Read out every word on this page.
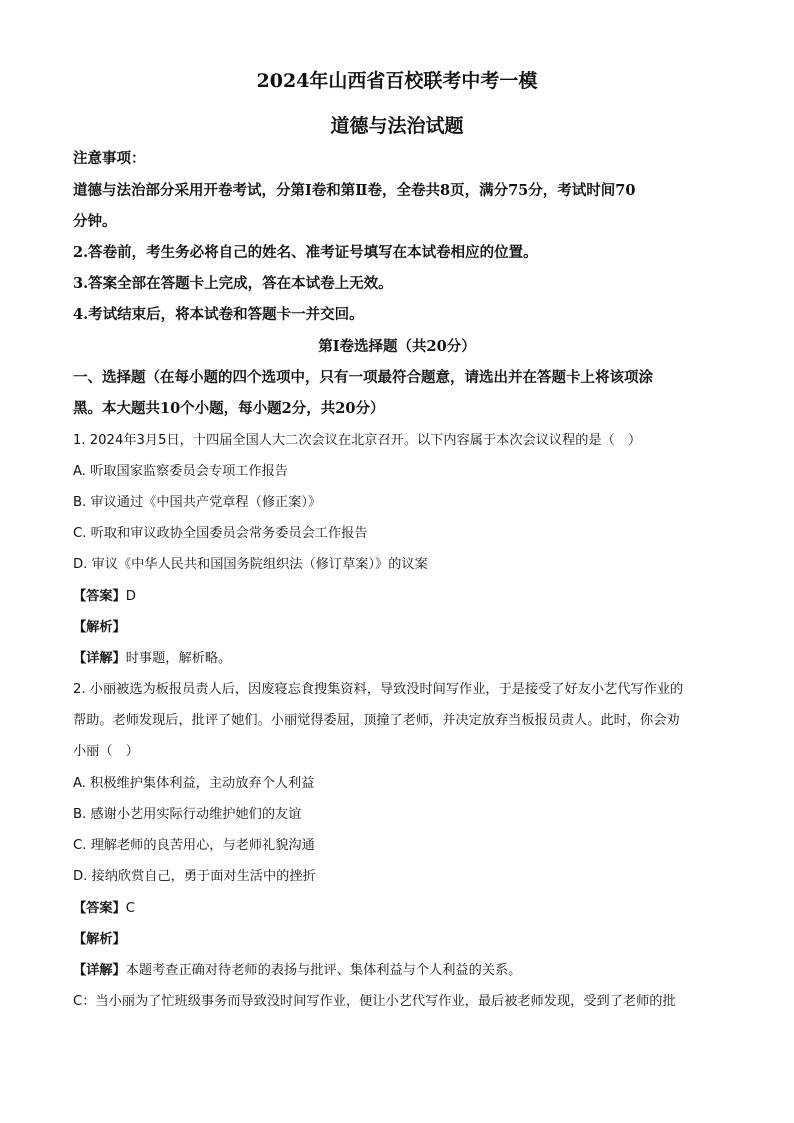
2024年山西省百校联考中考一模
道德与法治试题
注意事项：
道德与法治部分采用开卷考试，分第Ⅰ卷和第Ⅱ卷，全卷共8页，满分75分，考试时间70
分钟。
2.答卷前，考生务必将自己的姓名、准考证号填写在本试卷相应的位置。
3.答案全部在答题卡上完成，答在本试卷上无效。
4.考试结束后，将本试卷和答题卡一并交回。
第Ⅰ卷选择题（共20分）
一、选择题（在每小题的四个选项中，只有一项最符合题意，请选出并在答题卡上将该项涂
黑。本大题共10个小题，每小题2分，共20分）
1. 2024年3月5日，十四届全国人大二次会议在北京召开。以下内容属于本次会议议程的是（　）
A. 听取国家监察委员会专项工作报告
B. 审议通过《中国共产党章程（修正案）》
C. 听取和审议政协全国委员会常务委员会工作报告
D. 审议《中华人民共和国国务院组织法（修订草案）》的议案
【答案】D
【解析】
【详解】时事题，解析略。
2. 小丽被选为板报员责人后，因废寝忘食搜集资料，导致没时间写作业，于是接受了好友小艺代写作业的
帮助。老师发现后，批评了她们。小丽觉得委屈，顶撞了老师，并决定放弃当板报员责人。此时，你会劝
小丽（　）
A. 积极维护集体利益，主动放弃个人利益
B. 感谢小艺用实际行动维护她们的友谊
C. 理解老师的良苦用心，与老师礼貌沟通
D. 接纳欣赏自己，勇于面对生活中的挫折
【答案】C
【解析】
【详解】本题考查正确对待老师的表扬与批评、集体利益与个人利益的关系。
C：当小丽为了忙班级事务而导致没时间写作业，便让小艺代写作业，最后被老师发现，受到了老师的批
